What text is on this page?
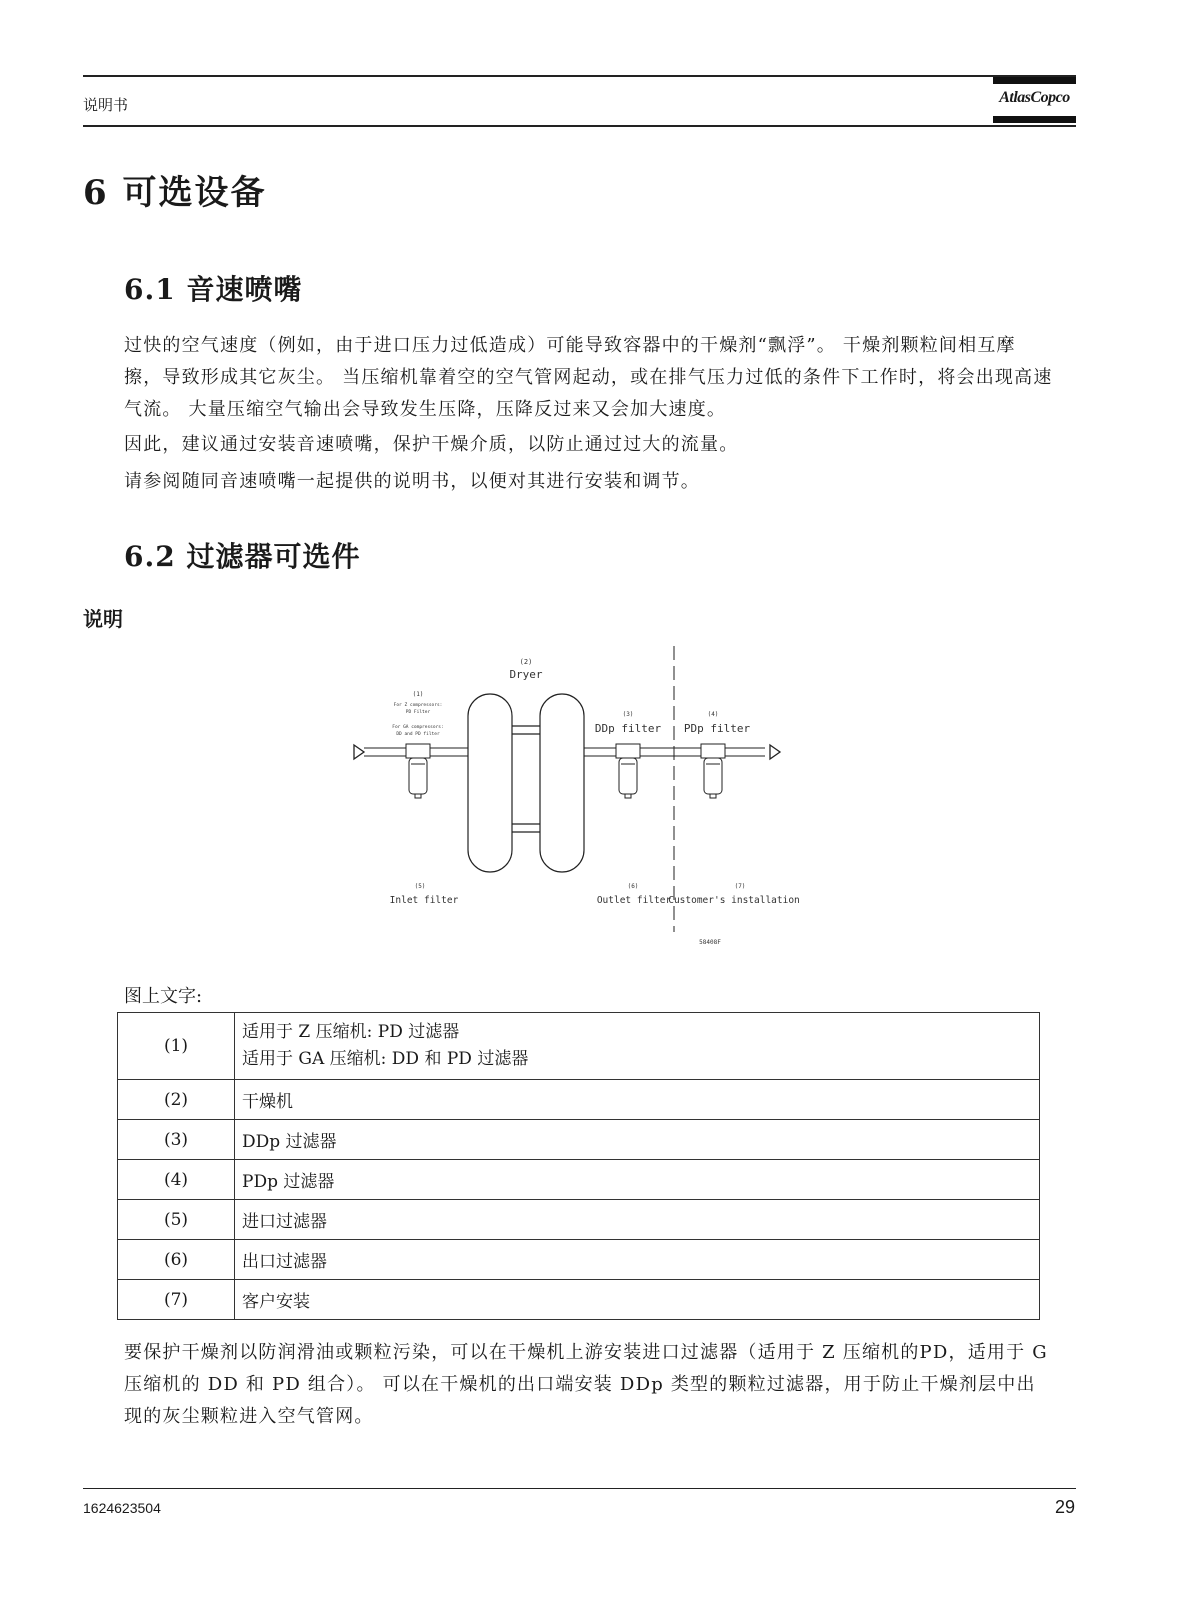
说明书	AtlasCopco
6 可选设备
6.1 音速喷嘴
过快的空气速度（例如，由于进口压力过低造成）可能导致容器中的干燥剂“飘浮”。 干燥剂颗粒间相互摩擦，导致形成其它灰尘。 当压缩机靠着空的空气管网起动，或在排气压力过低的条件下工作时，将会出现高速气流。 大量压缩空气输出会导致发生压降，压降反过来又会加大速度。
因此，建议通过安装音速喷嘴，保护干燥介质，以防止通过过大的流量。
请参阅随同音速喷嘴一起提供的说明书，以便对其进行安装和调节。
6.2 过滤器可选件
说明
(2)
Dryer
(1)
For Z compressors:
PD Filter
For GA compressors:
DD and PD filter
(3)
DDp filter
(4)
PDp filter
(5)
Inlet filter
(6)
Outlet filter
(7)
Customer's installation
58408F
图上文字:
(1)	适用于 Z 压缩机: PD 过滤器
适用于 GA 压缩机: DD 和 PD 过滤器

(2)	干燥机
(3)	DDp 过滤器
(4)	PDp 过滤器
(5)	进口过滤器
(6)	出口过滤器
(7)	客户安装
要保护干燥剂以防润滑油或颗粒污染，可以在干燥机上游安装进口过滤器（适用于 Z 压缩机的PD，适用于 G 压缩机的 DD 和 PD 组合）。 可以在干燥机的出口端安装 DDp 类型的颗粒过滤器，用于防止干燥剂层中出现的灰尘颗粒进入空气管网。
1624623504	29
